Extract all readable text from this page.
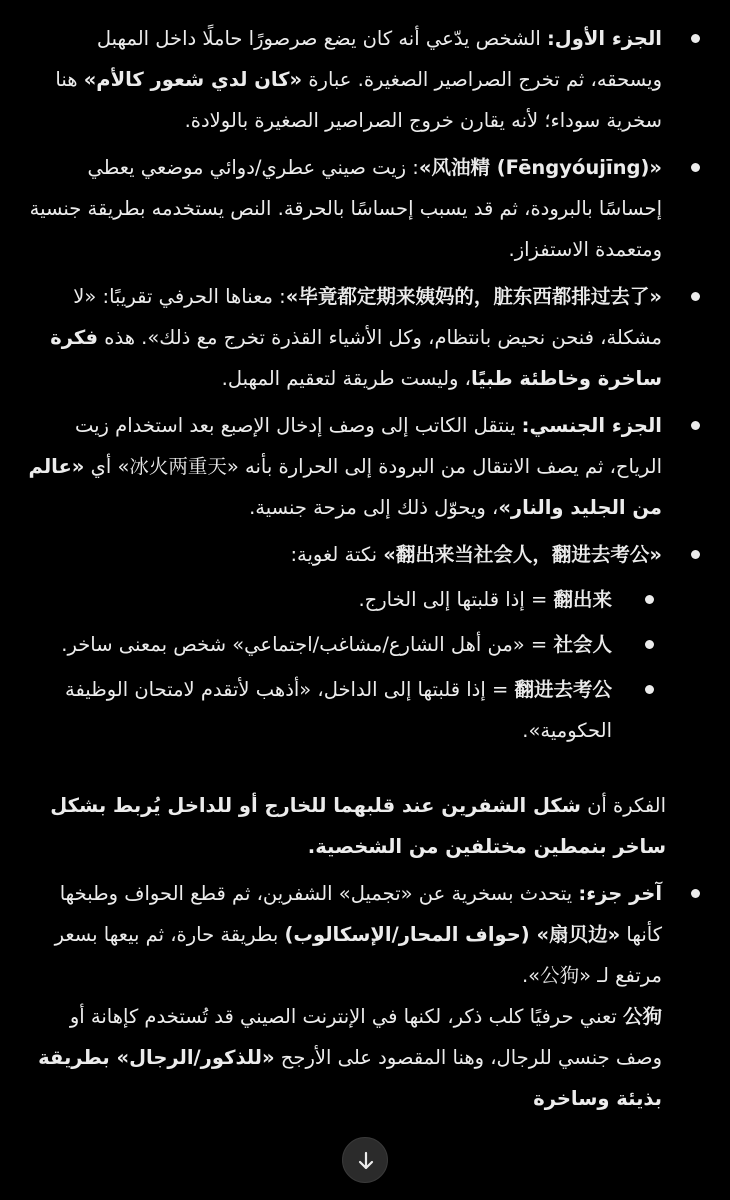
الجزء الأول: الشخص يدّعي أنه كان يضع صرصورًا حاملًا داخل المهبل ويسحقه، ثم تخرج الصراصير الصغيرة. عبارة «كان لدي شعور كالأم» هنا سخرية سوداء؛ لأنه يقارن خروج الصراصير الصغيرة بالولادة.
«风油精 (Fēngyóujīng)»: زيت صيني عطري/دوائي موضعي يعطي إحساسًا بالبرودة، ثم قد يسبب إحساسًا بالحرقة. النص يستخدمه بطريقة جنسية ومتعمدة الاستفزاز.
«毕竟都定期来姨妈的，脏东西都排过去了»: معناها الحرفي تقريبًا: «لا مشكلة، فنحن نحيض بانتظام، وكل الأشياء القذرة تخرج مع ذلك». هذه فكرة ساخرة وخاطئة طبيًا، وليست طريقة لتعقيم المهبل.
الجزء الجنسي: ينتقل الكاتب إلى وصف إدخال الإصبع بعد استخدام زيت الرياح، ثم يصف الانتقال من البرودة إلى الحرارة بأنه «冰火两重天» أي «عالم من الجليد والنار»، ويحوّل ذلك إلى مزحة جنسية.
«翻出来当社会人，翻进去考公» نكتة لغوية:
翻出来 = إذا قلبتها إلى الخارج.
社会人 = «من أهل الشارع/مشاغب/اجتماعي» شخص بمعنى ساخر.
翻进去考公 = إذا قلبتها إلى الداخل، «أذهب لأتقدم لامتحان الوظيفة الحكومية».
الفكرة أن شكل الشفرين عند قلبهما للخارج أو للداخل يُربط بشكل ساخر بنمطين مختلفين من الشخصية.
آخر جزء: يتحدث بسخرية عن «تجميل» الشفرين، ثم قطع الحواف وطبخها كأنها «扇贝边» (حواف المحار/الإسكالوب) بطريقة حارة، ثم بيعها بسعر مرتفع لـ «公狗».
公狗 تعني حرفيًا كلب ذكر، لكنها في الإنترنت الصيني قد تُستخدم كإهانة أو وصف جنسي للرجال، وهنا المقصود على الأرجح «للذكور/الرجال» بطريقة بذيئة وساخرة
